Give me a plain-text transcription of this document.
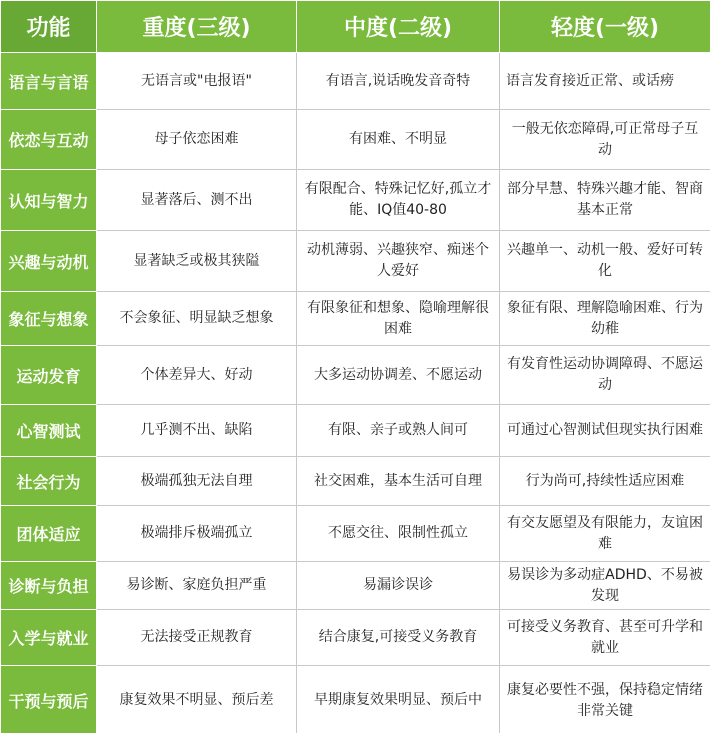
功能	重度(三级)	中度(二级)	轻度(一级)
语言与言语	无语言或"电报语"	有语言,说话晚发音奇特	语言发育接近正常、或话痨
依恋与互动	母子依恋困难	有困难、不明显	一般无依恋障碍,可正常母子互动
认知与智力	显著落后、测不出	有限配合、特殊记忆好,孤立才能、IQ值40-80	部分早慧、特殊兴趣才能、智商基本正常
兴趣与动机	显著缺乏或极其狭隘	动机薄弱、兴趣狭窄、痴迷个人爱好	兴趣单一、动机一般、爱好可转化
象征与想象	不会象征、明显缺乏想象	有限象征和想象、隐喻理解很困难	象征有限、理解隐喻困难、行为幼稚
运动发育	个体差异大、好动	大多运动协调差、不愿运动	有发育性运动协调障碍、不愿运动
心智测试	几乎测不出、缺陷	有限、亲子或熟人间可	可通过心智测试但现实执行困难
社会行为	极端孤独无法自理	社交困难，基本生活可自理	行为尚可,持续性适应困难
团体适应	极端排斥极端孤立	不愿交往、限制性孤立	有交友愿望及有限能力，友谊困难
诊断与负担	易诊断、家庭负担严重	易漏诊误诊	易误诊为多动症ADHD、不易被发现
入学与就业	无法接受正规教育	结合康复,可接受义务教育	可接受义务教育、甚至可升学和就业
干预与预后	康复效果不明显、预后差	早期康复效果明显、预后中	康复必要性不强，保持稳定情绪非常关键
